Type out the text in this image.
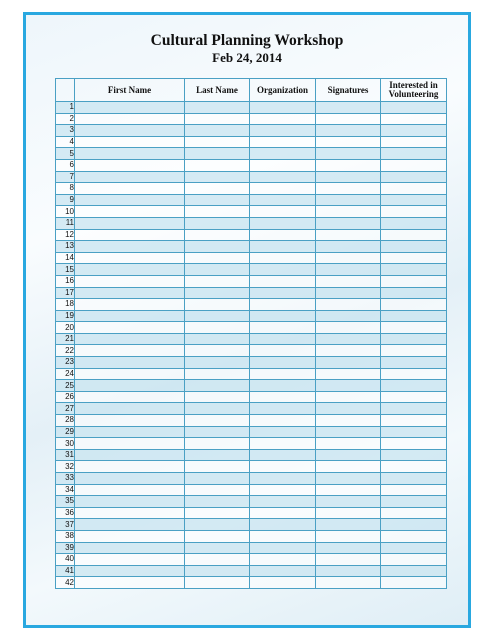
Cultural Planning Workshop
Feb 24, 2014
	First Name	Last Name	Organization	Signatures	Interested in Volunteering
1					
2					
3					
4					
5					
6					
7					
8					
9					
10					
11					
12					
13					
14					
15					
16					
17					
18					
19					
20					
21					
22					
23					
24					
25					
26					
27					
28					
29					
30					
31					
32					
33					
34					
35					
36					
37					
38					
39					
40					
41					
42					
